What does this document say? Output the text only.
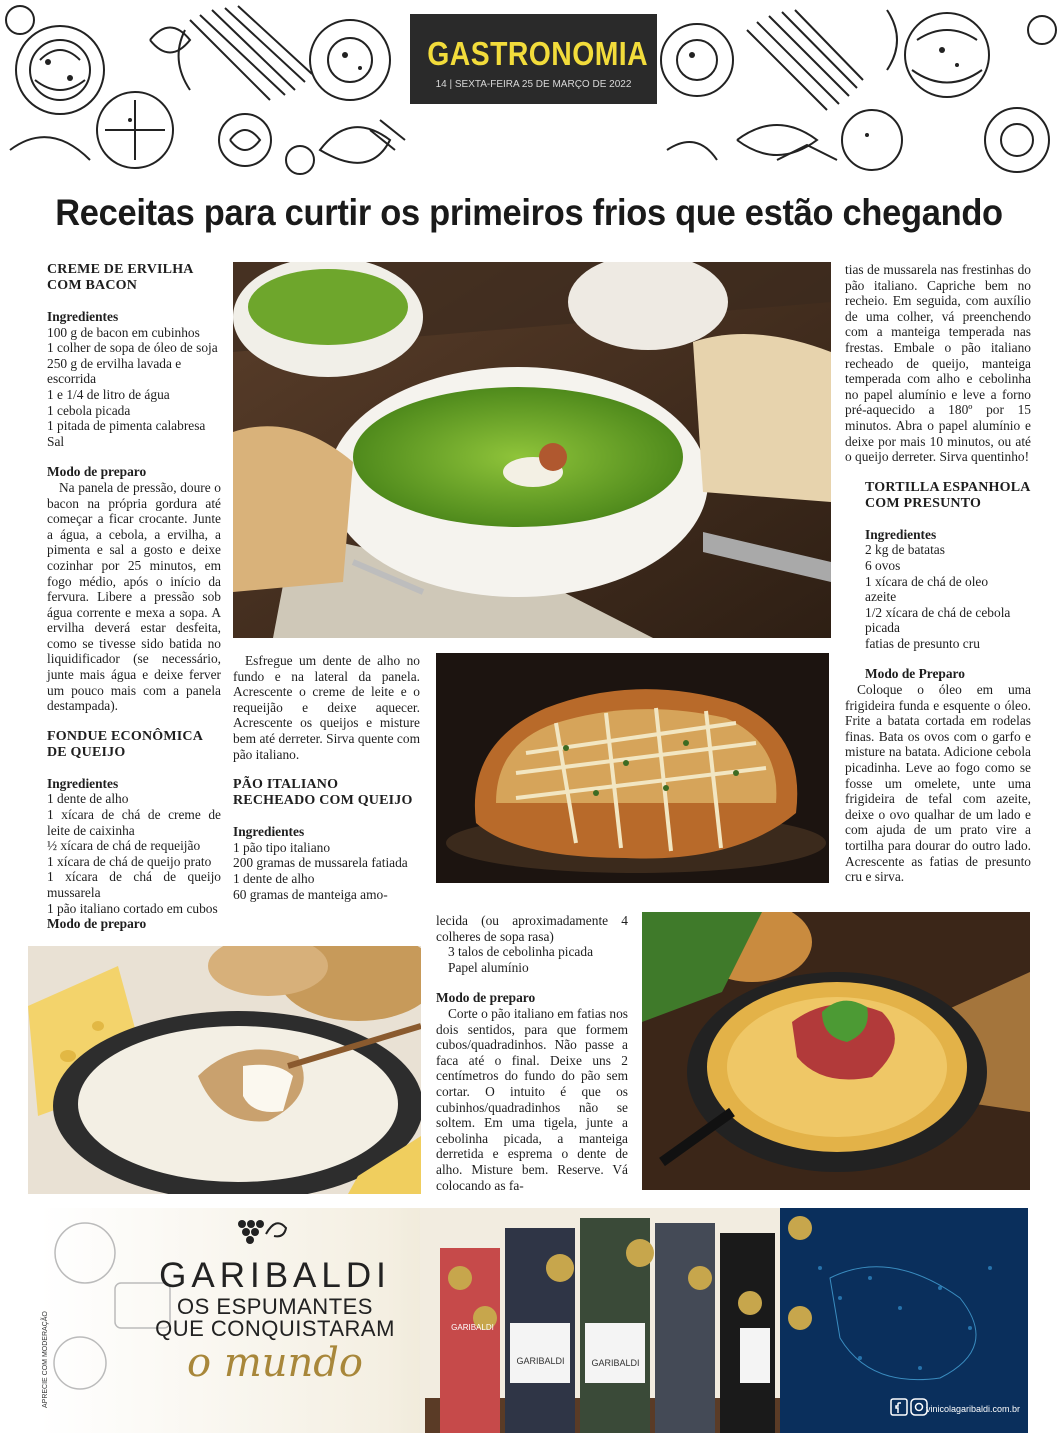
GASTRONOMIA
14 | SEXTA-FEIRA 25 DE MARÇO DE 2022
Receitas para curtir os primeiros frios que estão chegando

CREME DE ERVILHA COM BACON

Ingredientes

100 g de bacon em cubinhos

1 colher de sopa de óleo de soja

250 g de ervilha lavada e escorrida

1 e 1/4 de litro de água

1 cebola picada

1 pitada de pimenta calabresa

Sal

Modo de preparo

Na panela de pressão, doure o bacon na própria gordura até começar a ficar crocante. Junte a água, a cebola, a ervilha, a pimenta e sal a gosto e deixe cozinhar por 25 minutos, em fogo médio, após o início da fervura. Libere a pressão sob água corrente e mexa a sopa. A ervilha deverá estar desfeita, como se tivesse sido batida no liquidificador (se necessário, junte mais água e deixe ferver um pouco mais com a panela destampada).

FONDUE ECONÔMICA DE QUEIJO

Ingredientes

1 dente de alho

1 xícara de chá de creme de leite de caixinha

½ xícara de chá de requeijão

1 xícara de chá de queijo prato

1 xícara de chá de queijo mussarela

1 pão italiano cortado em cubos

Modo de preparo

Esfregue um dente de alho no fundo e na lateral da panela. Acrescente o creme de leite e o requeijão e deixe aquecer. Acrescente os queijos e misture bem até derreter. Sirva quente com pão italiano.

PÃO ITALIANO RECHEADO COM QUEIJO

Ingredientes

1 pão tipo italiano

200 gramas de mussarela fatiada

1 dente de alho

60 gramas de manteiga amo-

lecida (ou aproximadamente 4 colheres de sopa rasa)

3 talos de cebolinha picada

Papel alumínio

Modo de preparo

Corte o pão italiano em fatias nos dois sentidos, para que formem cubos/quadradinhos. Não passe a faca até o final. Deixe uns 2 centímetros do fundo do pão sem cortar. O intuito é que os cubinhos/quadradinhos não se soltem. Em uma tigela, junte a cebolinha picada, a manteiga derretida e esprema o dente de alho. Misture bem. Reserve. Vá colocando as fa-

tias de mussarela nas frestinhas do pão italiano. Capriche bem no recheio. Em seguida, com auxílio de uma colher, vá preenchendo com a manteiga temperada nas frestas. Embale o pão italiano recheado de queijo, manteiga temperada com alho e cebolinha no papel alumínio e leve a forno pré-aquecido a 180º por 15 minutos. Abra o papel alumínio e deixe por mais 10 minutos, ou até o queijo derreter. Sirva quentinho!

TORTILLA ESPANHOLA COM PRESUNTO

Ingredientes

2 kg de batatas

6 ovos

1 xícara de chá de oleo

azeite

1/2 xícara de chá de cebola picada

fatias de presunto cru

Modo de Preparo

Coloque o óleo em uma frigideira funda e esquente o óleo. Frite a batata cortada em rodelas finas. Bata os ovos com o garfo e misture na batata. Adicione cebola picadinha. Leve ao fogo como se fosse um omelete, unte uma frigideira de tefal com azeite, deixe o ovo qualhar de um lado e com ajuda de um prato vire a tortilha para dourar do outro lado. Acrescente as fatias de presunto cru e sirva.

GARIBALDI
OS ESPUMANTES
QUE CONQUISTARAM
o mundo	GARIBALDI	GARIBALDI
GARIBALDI
APRECIE COM MODERAÇÃO
vinicolagaribaldi.com.br
